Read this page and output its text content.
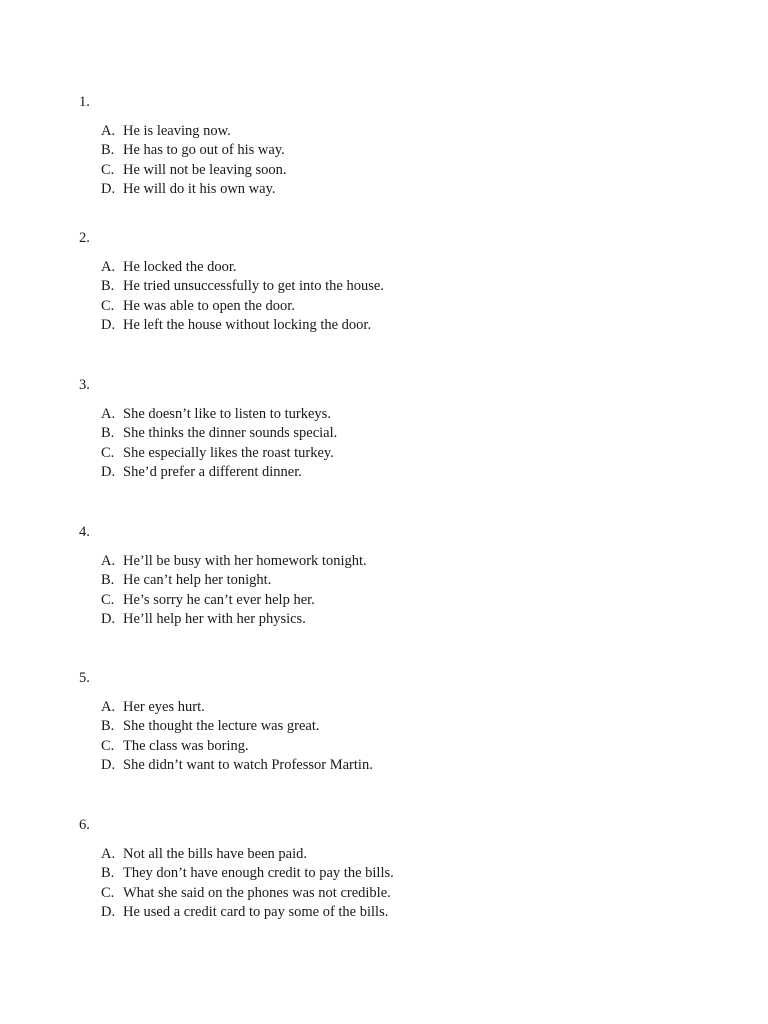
1.
A. He is leaving now.
B. He has to go out of his way.
C. He will not be leaving soon.
D. He will do it his own way.
2.
A. He locked the door.
B. He tried unsuccessfully to get into the house.
C. He was able to open the door.
D. He left the house without locking the door.
3.
A. She doesn’t like to listen to turkeys.
B. She thinks the dinner sounds special.
C. She especially likes the roast turkey.
D. She’d prefer a different dinner.
4.
A. He’ll be busy with her homework tonight.
B. He can’t help her tonight.
C. He’s sorry he can’t ever help her.
D. He’ll help her with her physics.
5.
A. Her eyes hurt.
B. She thought the lecture was great.
C. The class was boring.
D. She didn’t want to watch Professor Martin.
6.
A. Not all the bills have been paid.
B. They don’t have enough credit to pay the bills.
C. What she said on the phones was not credible.
D. He used a credit card to pay some of the bills.
